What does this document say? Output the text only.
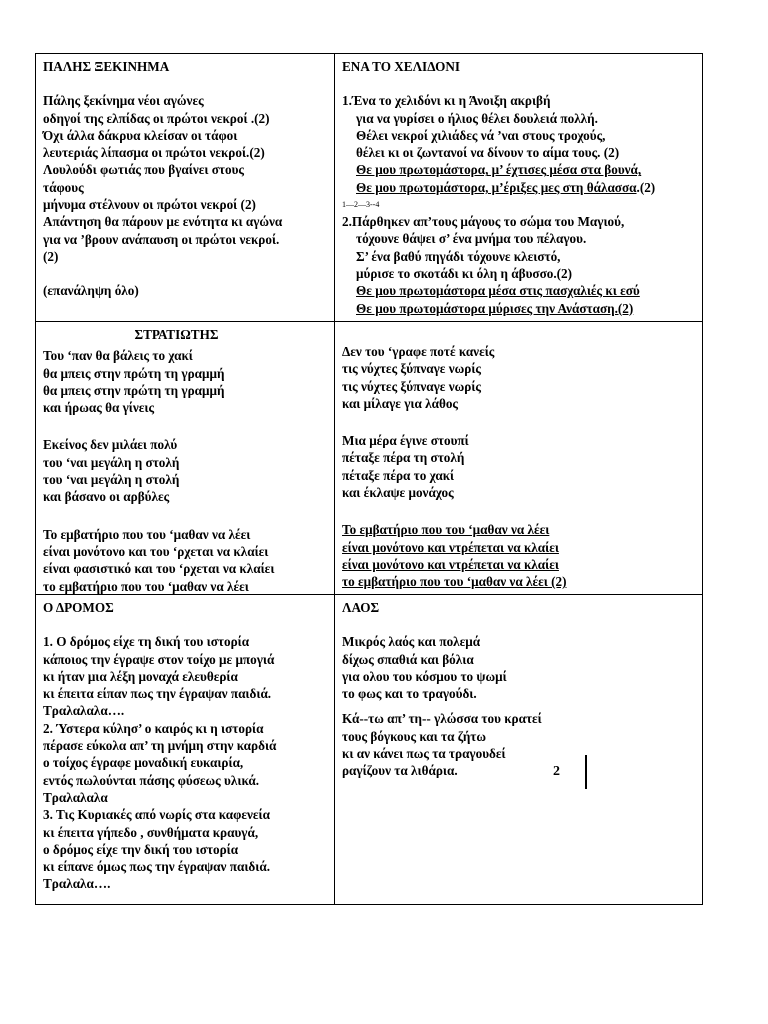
ΠΑΛΗΣ ΞΕΚΙΝΗΜΑ
Πάλης ξεκίνημα νέοι αγώνες
οδηγοί της ελπίδας οι πρώτοι νεκροί .(2)
Όχι άλλα δάκρυα κλείσαν οι τάφοι
λευτεριάς λίπασμα οι πρώτοι νεκροί.(2)
Λουλούδι φωτιάς που βγαίνει στους
τάφους
μήνυμα στέλνουν οι πρώτοι νεκροί (2)
Απάντηση θα πάρουν με ενότητα κι αγώνα
για να ’βρουν ανάπαυση οι πρώτοι νεκροί.
(2)
(επανάληψη όλο)
ΕΝΑ ΤΟ ΧΕΛΙΔΟΝΙ
1.Ένα το χελιδόνι κι η Άνοιξη ακριβή
για να γυρίσει ο ήλιος θέλει δουλειά πολλή.
Θέλει νεκροί χιλιάδες νά ’ναι στους τροχούς,
θέλει κι οι ζωντανοί να δίνουν το αίμα τους. (2)
Θε μου πρωτομάστορα, μ’ έχτισες μέσα στα βουνά,
Θε μου πρωτομάστορα, μ’έριξες μες στη θάλασσα.(2)
1—2—3--4
2.Πάρθηκεν απ’τους μάγους το σώμα του Μαγιού,
τόχουνε θάψει σ’ ένα μνήμα του πέλαγου.
Σ’ ένα βαθύ πηγάδι τόχουνε κλειστό,
μύρισε το σκοτάδι κι όλη η άβυσσο.(2)
Θε μου πρωτομάστορα μέσα στις πασχαλιές κι εσύ
Θε μου πρωτομάστορα μύρισες την Ανάσταση.(2)
ΣΤΡΑΤΙΩΤΗΣ
Του ‘παν θα βάλεις το χακί
θα μπεις στην πρώτη τη γραμμή
θα μπεις στην πρώτη τη γραμμή
και ήρωας θα γίνεις
Εκείνος δεν μιλάει πολύ
του ‘ναι μεγάλη η στολή
του ‘ναι μεγάλη η στολή
και βάσανο οι αρβύλες
Το εμβατήριο που του ‘μαθαν να λέει
είναι μονότονο και του ‘ρχεται να κλαίει
είναι φασιστικό και του ‘ρχεται να κλαίει
το εμβατήριο που του ‘μαθαν να λέει
Δεν του ‘γραφε ποτέ κανείς
τις νύχτες ξύπναγε νωρίς
τις νύχτες ξύπναγε νωρίς
και μίλαγε για λάθος
Μια μέρα έγινε στουπί
πέταξε πέρα τη στολή
πέταξε πέρα το χακί
και έκλαψε μονάχος
Το εμβατήριο που του ‘μαθαν να λέει
είναι μονότονο και ντρέπεται να κλαίει
είναι μονότονο και ντρέπεται να κλαίει
το εμβατήριο που του ‘μαθαν να λέει (2)
Ο ΔΡΟΜΟΣ
1. Ο δρόμος είχε τη δική του ιστορία
κάποιος την έγραψε στον τοίχο με μπογιά
κι ήταν μια λέξη μοναχά ελευθερία
κι έπειτα είπαν πως την έγραψαν παιδιά.
Τραλαλαλα….
2. Ύστερα κύλησ’ ο καιρός κι η ιστορία
πέρασε εύκολα απ’ τη μνήμη στην καρδιά
ο τοίχος έγραφε μοναδική ευκαιρία,
εντός πωλούνται πάσης φύσεως υλικά.
Τραλαλαλα
3. Τις Κυριακές από νωρίς στα καφενεία
κι έπειτα γήπεδο , συνθήματα κραυγά,
ο δρόμος είχε την δική του ιστορία
κι είπανε όμως πως την έγραψαν παιδιά.
Τραλαλα….
ΛΑΟΣ
Μικρός λαός και πολεμά
δίχως σπαθιά και βόλια
για ολου του κόσμου το ψωμί
το φως και το τραγούδι.
Κά--τω απ’ τη-- γλώσσα του κρατεί
τους βόγκους και τα ζήτω
κι αν κάνει πως τα τραγουδεί
ραγίζουν τα λιθάρια.	2
